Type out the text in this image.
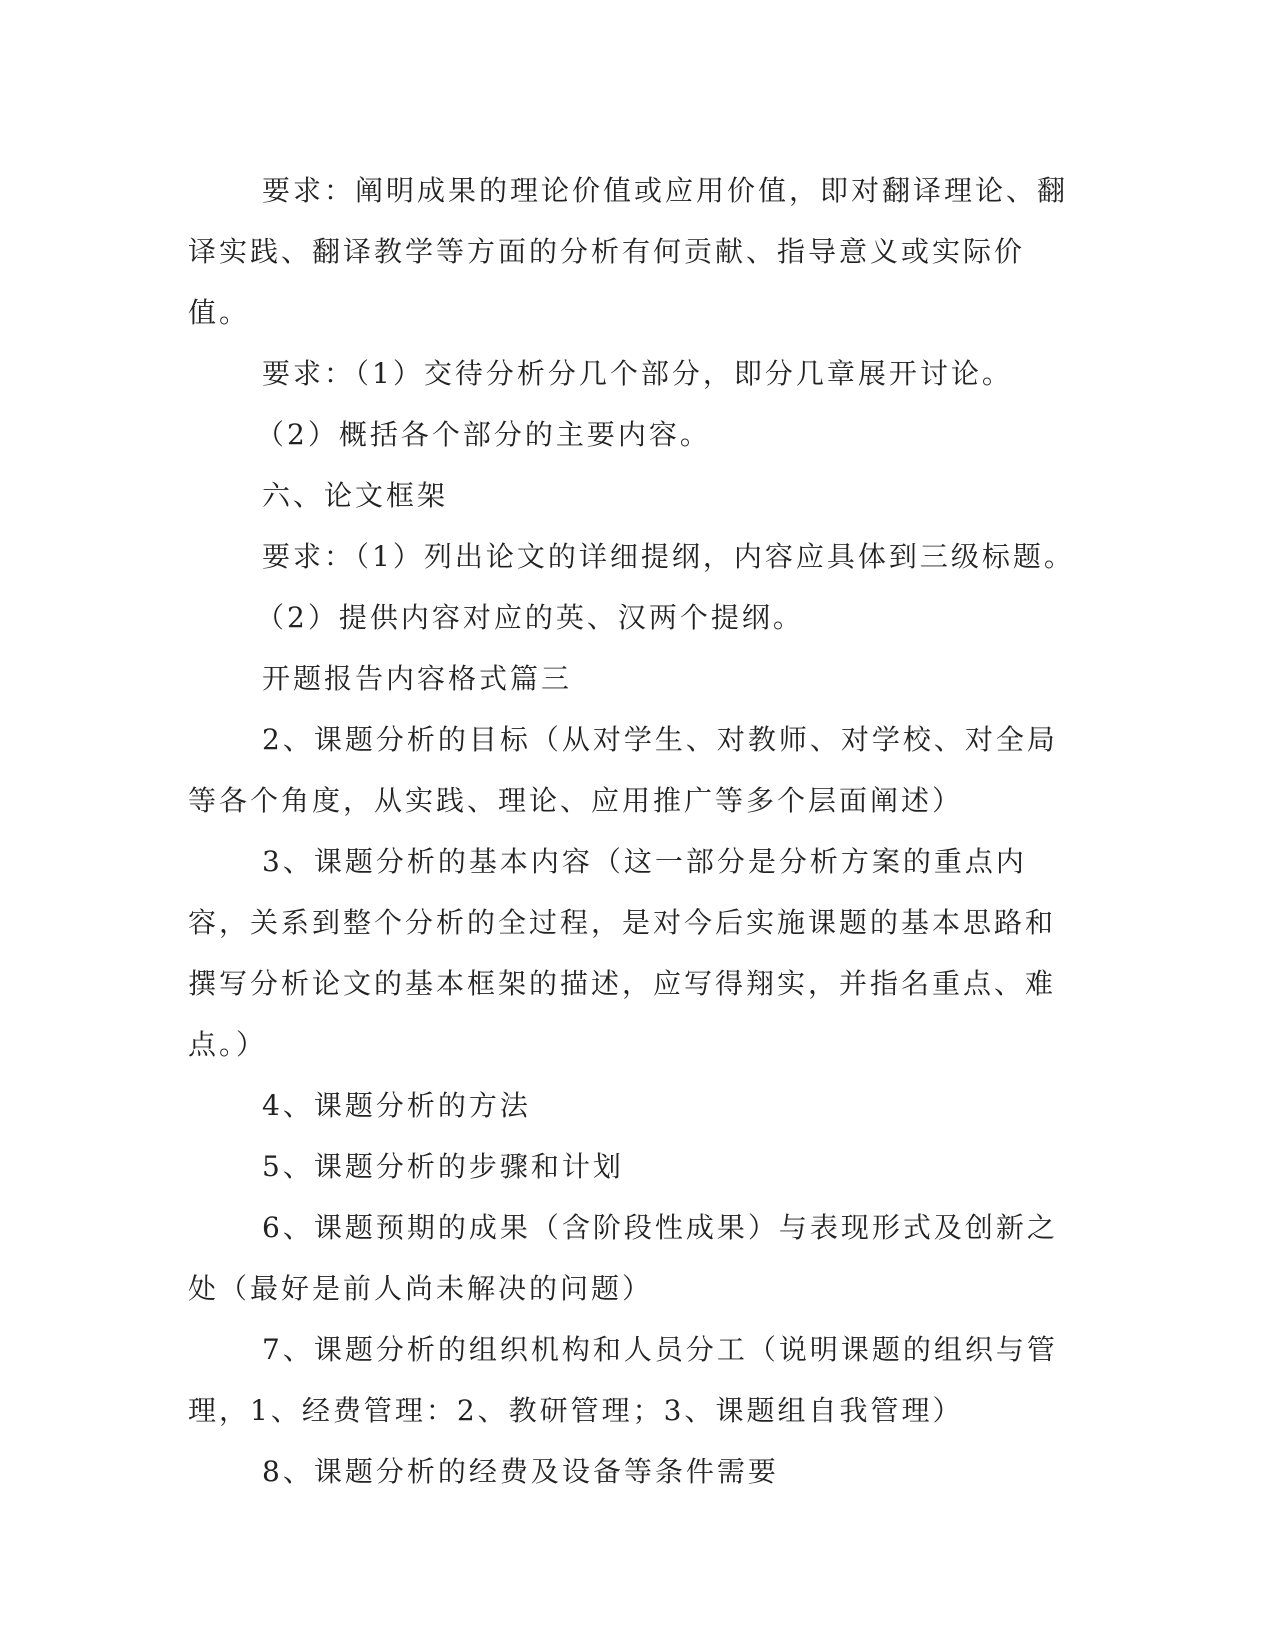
要求：阐明成果的理论价值或应用价值，即对翻译理论、翻译实践、翻译教学等方面的分析有何贡献、指导意义或实际价值。

要求：（1）交待分析分几个部分，即分几章展开讨论。

（2）概括各个部分的主要内容。

六、论文框架

要求：（1）列出论文的详细提纲，内容应具体到三级标题。

（2）提供内容对应的英、汉两个提纲。

开题报告内容格式篇三

2、课题分析的目标（从对学生、对教师、对学校、对全局等各个角度，从实践、理论、应用推广等多个层面阐述）

3、课题分析的基本内容（这一部分是分析方案的重点内容，关系到整个分析的全过程，是对今后实施课题的基本思路和撰写分析论文的基本框架的描述，应写得翔实，并指名重点、难点。）

4、课题分析的方法

5、课题分析的步骤和计划

6、课题预期的成果（含阶段性成果）与表现形式及创新之处（最好是前人尚未解决的问题）

7、课题分析的组织机构和人员分工（说明课题的组织与管理，1、经费管理：2、教研管理；3、课题组自我管理）

8、课题分析的经费及设备等条件需要
